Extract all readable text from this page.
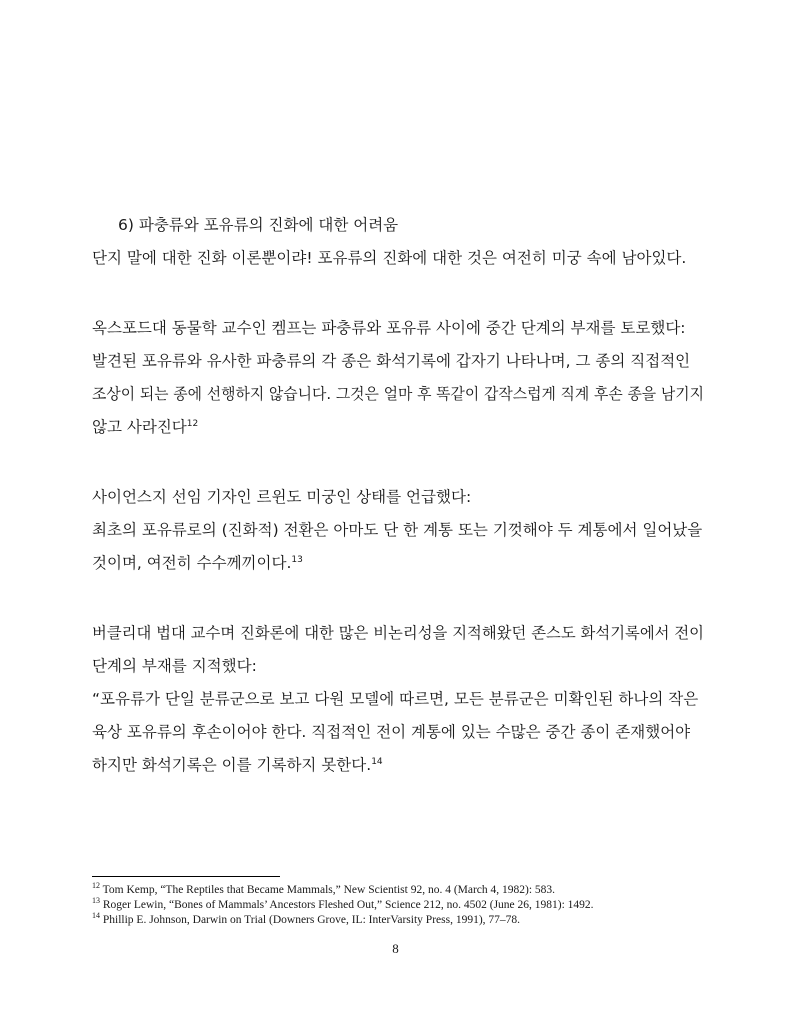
6) 파충류와 포유류의 진화에 대한 어려움
단지 말에 대한 진화 이론뿐이랴! 포유류의 진화에 대한 것은 여전히 미궁 속에 남아있다.
옥스포드대 동물학 교수인 켐프는 파충류와 포유류 사이에 중간 단계의 부재를 토로했다:
발견된 포유류와 유사한 파충류의 각 종은 화석기록에 갑자기 나타나며, 그 종의 직접적인
조상이 되는 종에 선행하지 않습니다. 그것은 얼마 후 똑같이 갑작스럽게 직계 후손 종을 남기지
않고 사라진다$^{12}$
사이언스지 선임 기자인 르윈도 미궁인 상태를 언급했다:
최초의 포유류로의 (진화적) 전환은 아마도 단 한 계통 또는 기껏해야 두 계통에서 일어났을
것이며, 여전히 수수께끼이다.$^{13}$
버클리대 법대 교수며 진화론에 대한 많은 비논리성을 지적해왔던 존스도 화석기록에서 전이
단계의 부재를 지적했다:
“포유류가 단일 분류군으로 보고 다원 모델에 따르면, 모든 분류군은 미확인된 하나의 작은
육상 포유류의 후손이어야 한다. 직접적인 전이 계통에 있는 수많은 중간 종이 존재했어야
하지만 화석기록은 이를 기록하지 못한다.$^{14}$
$^{12}$ Tom Kemp, “The Reptiles that Became Mammals,” New Scientist 92, no. 4 (March 4, 1982): 583.
$^{13}$ Roger Lewin, “Bones of Mammals’ Ancestors Fleshed Out,” Science 212, no. 4502 (June 26, 1981): 1492.
$^{14}$ Phillip E. Johnson, Darwin on Trial (Downers Grove, IL: InterVarsity Press, 1991), 77–78.
8
